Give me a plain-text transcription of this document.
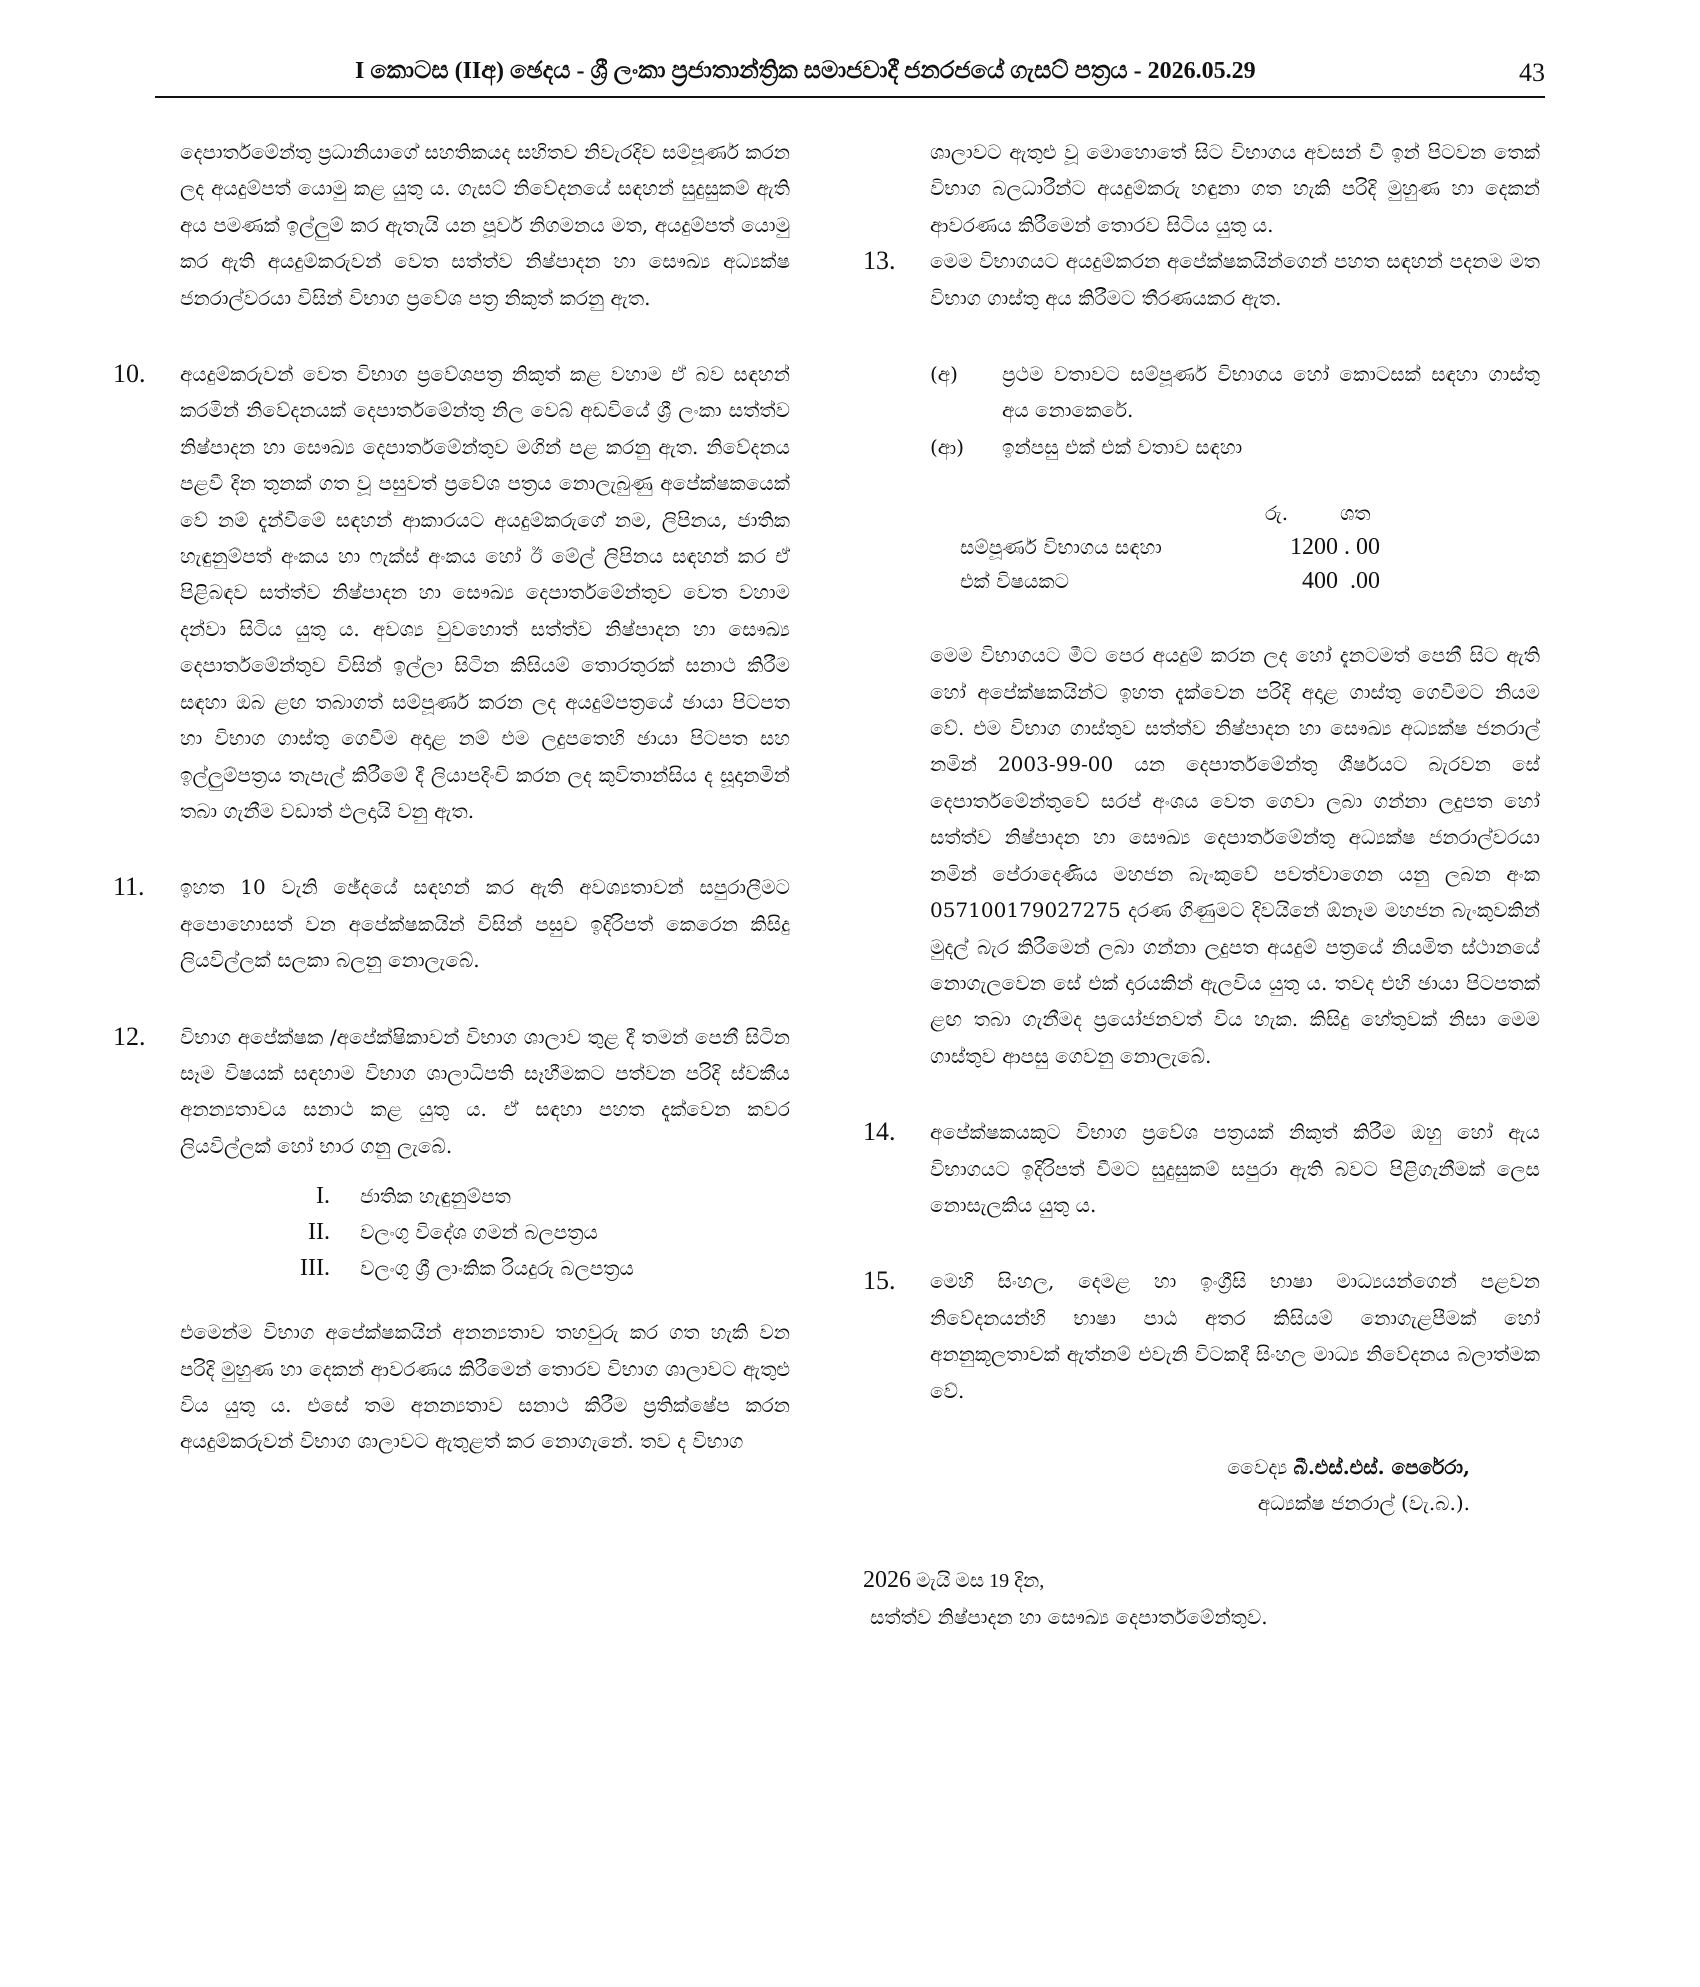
I කොටස (IIඅ) ඡෙදය - ශ්‍රී ලංකා ප්‍රජාතාන්ත්‍රික සමාජවාදී ජනරජයේ ගැසට් පත්‍රය - 2026.05.29	43

දෙපාර්තමේන්තු ප්‍රධානියාගේ සහතිකයද සහිතව නිවැරදිව සම්පූර්ණ කරන ලද අයදුම්පත් යොමු කළ යුතු ය. ගැසට් නිවේදනයේ සඳහන් සුදුසුකම් ඇති අය පමණක් ඉල්ලුම් කර ඇතැයි යන පූර්ව නිගමනය මත, අයදුම්පත් යොමු කර ඇති අයදුම්කරුවන් වෙත සත්ත්ව නිෂ්පාදන හා සෞඛ්‍ය අධ්‍යක්ෂ ජනරාල්වරයා විසින් විභාග ප්‍රවේශ පත්‍ර නිකුත් කරනු ඇත.

10. අයදුම්කරුවන් වෙත විභාග ප්‍රවේශපත්‍ර නිකුත් කළ වහාම ඒ බව සඳහන් කරමින් නිවේදනයක් දෙපාර්තමේන්තු නිල වෙබ් අඩවියේ ශ්‍රී ලංකා සත්ත්ව නිෂ්පාදන හා සෞඛ්‍ය දෙපාර්තමේන්තුව මගින් පළ කරනු ඇත. නිවේදනය පළවී දින තුනක් ගත වූ පසුවත් ප්‍රවේශ පත්‍රය නොලැබුණු අපේක්ෂකයෙක් වේ නම් දැන්වීමේ සඳහන් ආකාරයට අයදුම්කරුගේ නම, ලිපිනය, ජාතික හැඳුනුම්පත් අංකය හා ෆැක්ස් අංකය හෝ ඊ මේල් ලිපිනය සඳහන් කර ඒ පිළිබඳව සත්ත්ව නිෂ්පාදන හා සෞඛ්‍ය දෙපාර්තමේන්තුව වෙත වහාම දන්වා සිටිය යුතු ය. අවශ්‍ය වුවහොත් සත්ත්ව නිෂ්පාදන හා සෞඛ්‍ය දෙපාර්තමේන්තුව විසින් ඉල්ලා සිටින කිසියම් තොරතුරක් සනාථ කිරීම සඳහා ඔබ ළඟ තබාගත් සම්පූර්ණ කරන ලද අයදුම්පත්‍රයේ ඡායා පිටපත හා විභාග ගාස්තු ගෙවීම අදාළ නම් එම ලදුපතෙහි ඡායා පිටපත සහ ඉල්ලුම්පත්‍රය තැපැල් කිරීමේ දී ලියාපදිංචි කරන ලද කුවිතාන්සිය ද සූදානමින් තබා ගැනීම වඩාත් ඵලදායි වනු ඇත.

11. ඉහත 10 වැනි ඡේදයේ සඳහන් කර ඇති අවශ්‍යතාවන් සපුරාලීමට අපොහොසත් වන අපේක්ෂකයින් විසින් පසුව ඉදිරිපත් කෙරෙන කිසිදු ලියවිල්ලක් සලකා බලනු නොලැබේ.

12. විභාග අපේක්ෂක /අපේක්ෂිකාවන් විභාග ශාලාව තුළ දී තමන් පෙනී සිටින සෑම විෂයක් සඳහාම විභාග ශාලාධිපති සෑහීමකට පත්වන පරිදි ස්වකීය අනන්‍යතාවය සනාථ කළ යුතු ය. ඒ සඳහා පහත දැක්වෙන කවර ලියවිල්ලක් හෝ භාර ගනු ලැබේ.

I. ජාතික හැඳුනුම්පත
II. වලංගු විදේශ ගමන් බලපත්‍රය
III. වලංගු ශ්‍රී ලාංකික රියදුරු බලපත්‍රය

එමෙන්ම විභාග අපේක්ෂකයින් අනන්‍යතාව තහවුරු කර ගත හැකි වන පරිදි මුහුණ හා දෙකන් ආවරණය කිරීමෙන් තොරව විභාග ශාලාවට ඇතුළු විය යුතු ය. එසේ තම අනන්‍යතාව සනාථ කිරීම ප්‍රතික්ෂේප කරන අයදුම්කරුවන් විභාග ශාලාවට ඇතුළත් කර නොගැනේ. තව ද විභාග

ශාලාවට ඇතුළු වූ මොහොතේ සිට විභාගය අවසන් වී ඉන් පිටවන තෙක් විභාග බලධාරීන්ට අයදුම්කරු හඳුනා ගත හැකි පරිදි මුහුණ හා දෙකන් ආවරණය කිරීමෙන් තොරව සිටිය යුතු ය.

13. මෙම විභාගයට අයදුම්කරන අපේක්ෂකයින්ගෙන් පහත සඳහන් පදනම මත විභාග ගාස්තු අය කිරීමට තීරණයකර ඇත.

(අ) ප්‍රථම වතාවට සම්පූර්ණ විභාගය හෝ කොටසක් සඳහා ගාස්තු අය නොකෙරේ.

(ආ) ඉන්පසු එක් එක් වතාව සඳහා

රු.	ශත
සම්පූර්ණ විභාගය සඳහා	1200 . 00
එක් විෂයකට	400  .00

මෙම විභාගයට මීට පෙර අයදුම් කරන ලද හෝ දැනටමත් පෙනී සිට ඇති හෝ අපේක්ෂකයින්ට ඉහත දැක්වෙන පරිදි අදාළ ගාස්තු ගෙවීමට නියම වේ. එම විභාග ගාස්තුව සත්ත්ව නිෂ්පාදන හා සෞඛ්‍ය අධ්‍යක්ෂ ජනරාල් නමින් 2003-99-00 යන දෙපාර්තමේන්තු ශීර්ෂයට බැරවන සේ දෙපාර්තමේන්තුවේ සරප් අංශය වෙත ගෙවා ලබා ගන්නා ලදුපත හෝ සත්ත්ව නිෂ්පාදන හා සෞඛ්‍ය දෙපාර්තමේන්තු අධ්‍යක්ෂ ජනරාල්වරයා නමින් පේරාදෙණිය මහජන බැංකුවේ පවත්වාගෙන යනු ලබන අංක 057100179027275 දරණ ගිණුමට දිවයිනේ ඕනෑම මහජන බැංකුවකින් මුදල් බැර කිරීමෙන් ලබා ගන්නා ලදුපත අයදුම් පත්‍රයේ නියමිත ස්ථානයේ නොගැලවෙන සේ එක් දාරයකින් ඇලවිය යුතු ය. තවද එහි ඡායා පිටපතක් ළඟ තබා ගැනීමද ප්‍රයෝජනවත් විය හැක. කිසිදු හේතුවක් නිසා මෙම ගාස්තුව ආපසු ගෙවනු නොලැබේ.

14. අපේක්ෂකයකුට විභාග ප්‍රවේශ පත්‍රයක් නිකුත් කිරීම ඔහු හෝ ඇය විභාගයට ඉදිරිපත් වීමට සුදුසුකම් සපුරා ඇති බවට පිළිගැනීමක් ලෙස නොසැලකිය යුතු ය.

15. මෙහි සිංහල, දෙමළ හා ඉංග්‍රීසි භාෂා මාධ්‍යයන්ගෙන් පළවන නිවේදනයන්හි භාෂා පාඨ අතර කිසියම් නොගැළපීමක් හෝ අනනුකූලතාවක් ඇත්නම් එවැනි විටකදී සිංහල මාධ්‍ය නිවේදනය බලාත්මක වේ.

වෛද්‍ය බී.එස්.එස්. පෙරේරා,
අධ්‍යක්ෂ ජනරාල් (වැ.බ.).
2026 මැයි මස 19 දින,
සත්ත්ව නිෂ්පාදන හා සෞඛ්‍ය දෙපාර්තමේන්තුව.
